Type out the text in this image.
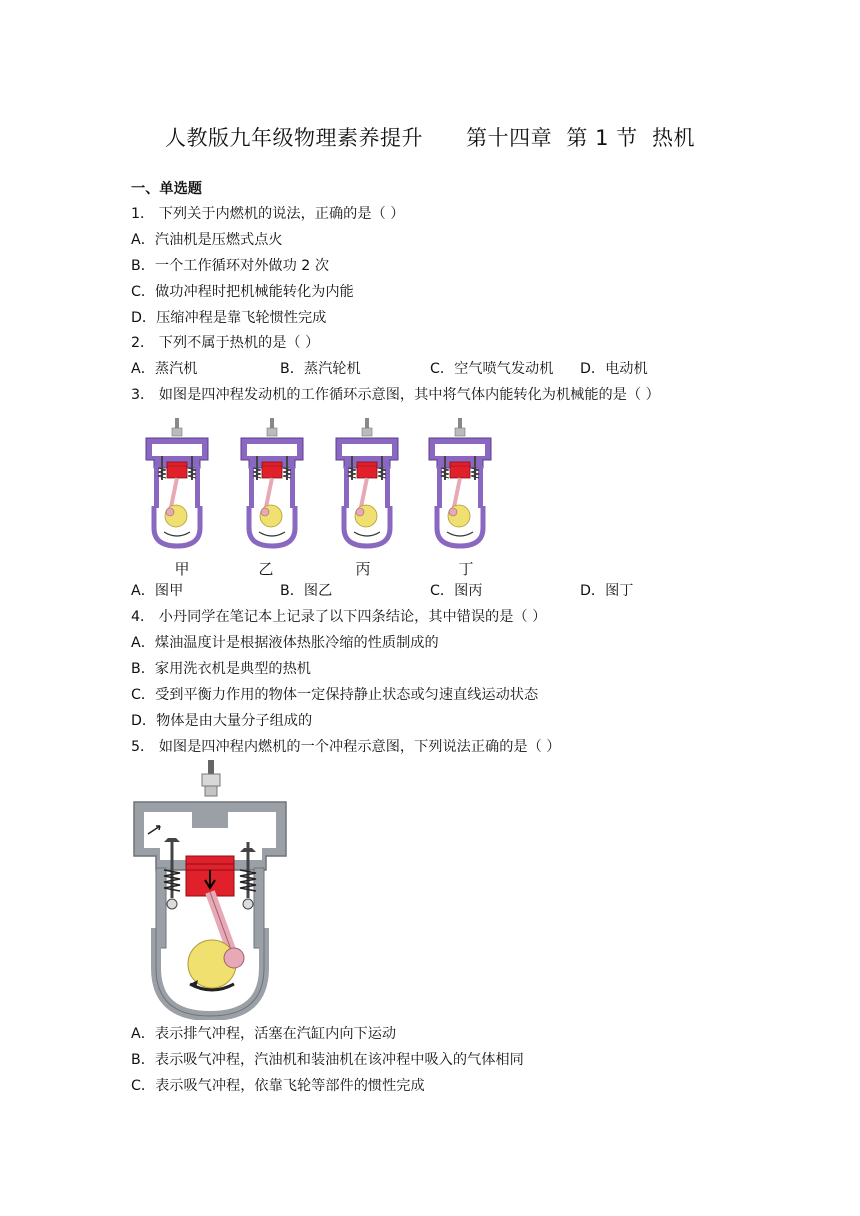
人教版九年级物理素养提升      第十四章  第 1 节  热机
一、单选题
1． 下列关于内燃机的说法，正确的是（ ）
A．汽油机是压燃式点火
B．一个工作循环对外做功 2 次
C．做功冲程时把机械能转化为内能
D．压缩冲程是靠飞轮惯性完成
2． 下列不属于热机的是（ ）
A．蒸汽机	B．蒸汽轮机	C．空气喷气发动机 D．电动机
3． 如图是四冲程发动机的工作循环示意图，其中将气体内能转化为机械能的是（ ）
甲	乙	丙	丁
A．图甲	B．图乙	C．图丙	D．图丁
4． 小丹同学在笔记本上记录了以下四条结论，其中错误的是（ ）
A．煤油温度计是根据液体热胀冷缩的性质制成的
B．家用洗衣机是典型的热机
C．受到平衡力作用的物体一定保持静止状态或匀速直线运动状态
D．物体是由大量分子组成的
5． 如图是四冲程内燃机的一个冲程示意图，下列说法正确的是（ ）
A．表示排气冲程，活塞在汽缸内向下运动
B．表示吸气冲程，汽油机和装油机在该冲程中吸入的气体相同
C．表示吸气冲程，依靠飞轮等部件的惯性完成
